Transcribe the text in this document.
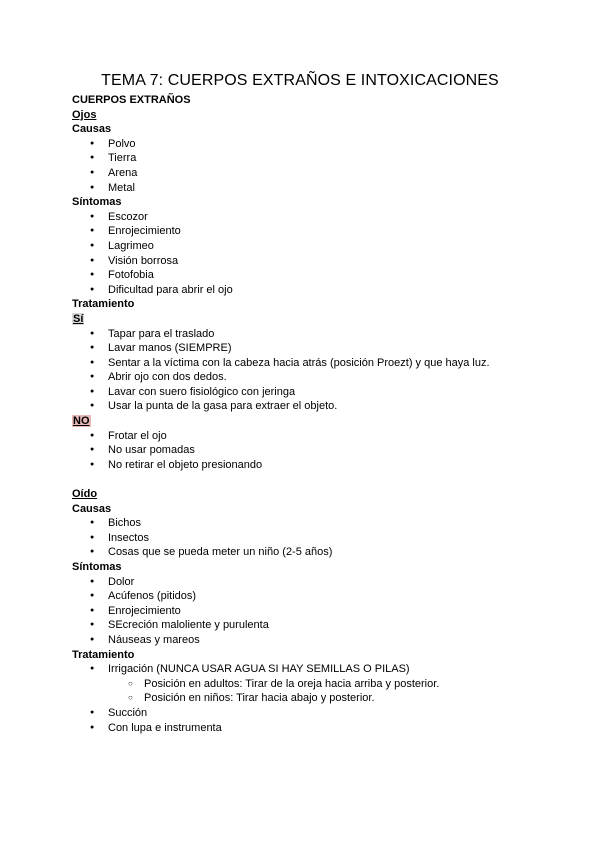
TEMA 7: CUERPOS EXTRAÑOS E INTOXICACIONES
CUERPOS EXTRAÑOS
Ojos
Causas
● Polvo
● Tierra
● Arena
● Metal
Síntomas
● Escozor
● Enrojecimiento
● Lagrimeo
● Visión borrosa
● Fotofobia
● Dificultad para abrir el ojo
Tratamiento
Sí
● Tapar para el traslado
● Lavar manos (SIEMPRE)
● Sentar a la víctima con la cabeza hacia atrás (posición Proezt) y que haya luz.
● Abrir ojo con dos dedos.
● Lavar con suero fisiológico con jeringa
● Usar la punta de la gasa para extraer el objeto.
NO
● Frotar el ojo
● No usar pomadas
● No retirar el objeto presionando
Oído
Causas
● Bichos
● Insectos
● Cosas que se pueda meter un niño (2-5 años)
Síntomas
● Dolor
● Acúfenos (pitidos)
● Enrojecimiento
● SEcreción maloliente y purulenta
● Náuseas y mareos
Tratamiento
● Irrigación (NUNCA USAR AGUA SI HAY SEMILLAS O PILAS)
○ Posición en adultos: Tirar de la oreja hacia arriba y posterior.
○ Posición en niños: Tirar hacia abajo y posterior.
● Succión
● Con lupa e instrumenta
